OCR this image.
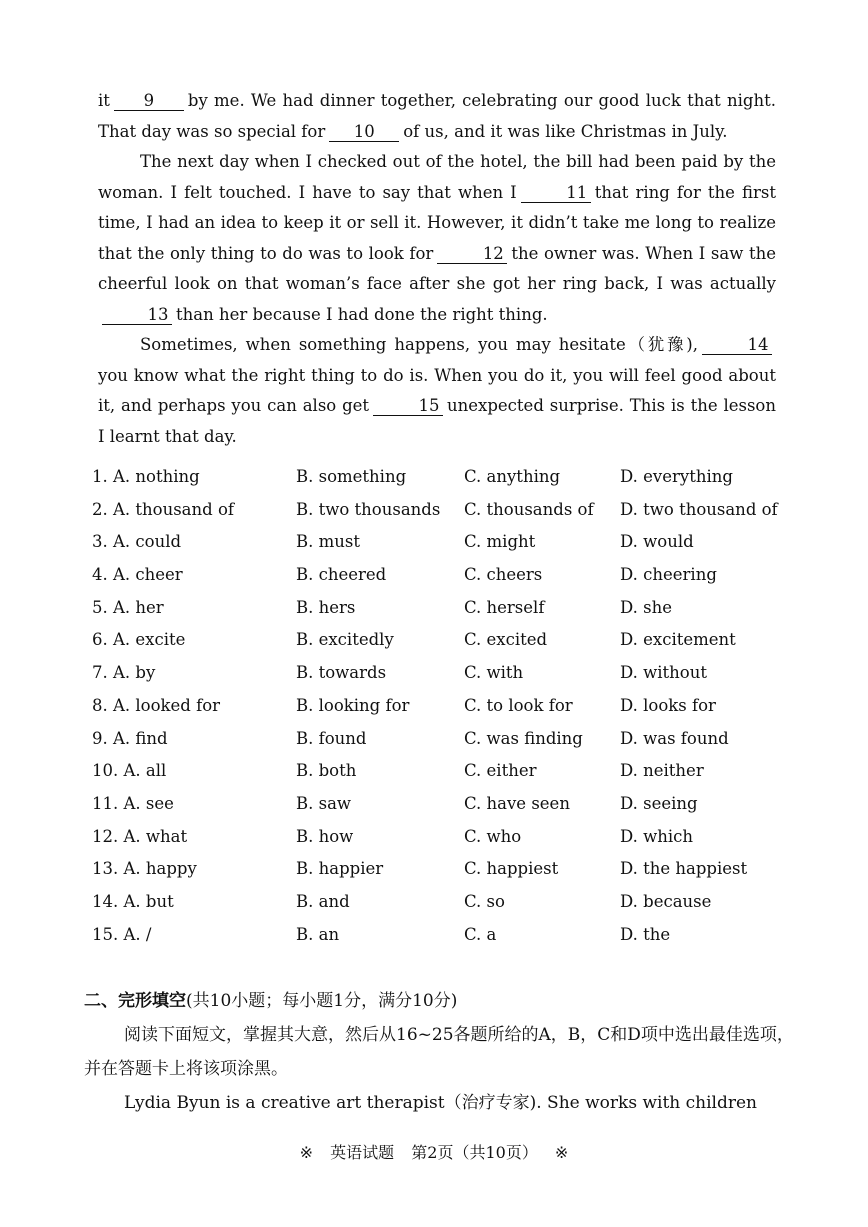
it 9 by me. We had dinner together, celebrating our good luck that night. That day was so special for 10 of us, and it was like Christmas in July.

The next day when I checked out of the hotel, the bill had been paid by the woman. I felt touched. I have to say that when I	11 that ring for the first time, I had an idea to keep it or sell it. However, it didn’t take me long to realize that the only thing to do was to look for	12 the owner was. When I saw the cheerful look on that woman’s face after she got her ring back, I was actually13 than her because I had done the right thing.

Sometimes, when something happens, you may hesitate（犹豫),	14you know what the right thing to do is. When you do it, you will feel good about it, and perhaps you can also get	15 unexpected surprise. This is the lesson I learnt that day.

1. A. nothing	B. something	C. anything	D. everything
2. A. thousand of	B. two thousands C. thousands of D. two thousand of
3. A. could	B. must	C. might	D. would
4. A. cheer	B. cheered	C. cheers	D. cheering
5. A. her	B. hers	C. herself	D. she
6. A. excite	B. excitedly	C. excited	D. excitement
7. A. by	B. towards	C. with	D. without
8. A. looked for	B. looking for	C. to look for	D. looks for
9. A. find	B. found	C. was finding D. was found
10. A. all	B. both	C. either	D. neither
11. A. see	B. saw	C. have seen	D. seeing
12. A. what	B. how	C. who	D. which
13. A. happy	B. happier	C. happiest	D. the happiest
14. A. but	B. and	C. so	D. because
15. A. /	B. an	C. a	D. the

二、完形填空(共10小题；每小题1分，满分10分)

阅读下面短文，掌握其大意，然后从16~25各题所给的A，B，C和D项中选出最佳选项，并在答题卡上将该项涂黑。

Lydia Byun is a creative art therapist（治疗专家). She works with children

※ 英语试题 第2页（共10页） ※
